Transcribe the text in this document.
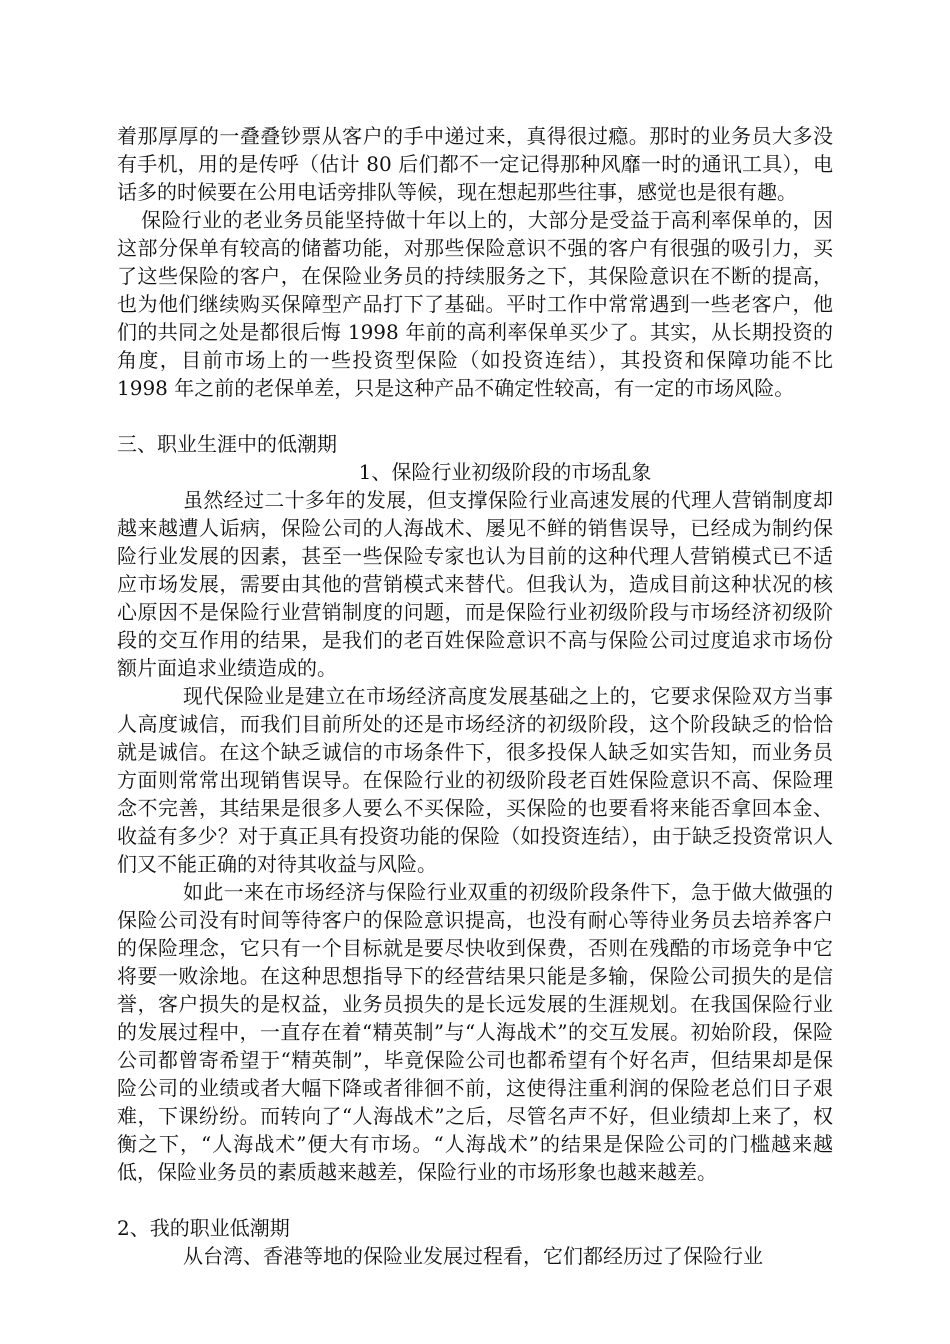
着那厚厚的一叠叠钞票从客户的手中递过来，真得很过瘾。那时的业务员大多没有手机，用的是传呼（估计 80 后们都不一定记得那种风靡一时的通讯工具），电话多的时候要在公用电话旁排队等候，现在想起那些往事，感觉也是很有趣。

保险行业的老业务员能坚持做十年以上的，大部分是受益于高利率保单的，因这部分保单有较高的储蓄功能，对那些保险意识不强的客户有很强的吸引力，买了这些保险的客户，在保险业务员的持续服务之下，其保险意识在不断的提高，也为他们继续购买保障型产品打下了基础。平时工作中常常遇到一些老客户，他们的共同之处是都很后悔 1998 年前的高利率保单买少了。其实，从长期投资的角度，目前市场上的一些投资型保险（如投资连结），其投资和保障功能不比 1998 年之前的老保单差，只是这种产品不确定性较高，有一定的市场风险。

三、职业生涯中的低潮期

1、保险行业初级阶段的市场乱象

虽然经过二十多年的发展，但支撑保险行业高速发展的代理人营销制度却越来越遭人诟病，保险公司的人海战术、屡见不鲜的销售误导，已经成为制约保险行业发展的因素，甚至一些保险专家也认为目前的这种代理人营销模式已不适应市场发展，需要由其他的营销模式来替代。但我认为，造成目前这种状况的核心原因不是保险行业营销制度的问题，而是保险行业初级阶段与市场经济初级阶段的交互作用的结果，是我们的老百姓保险意识不高与保险公司过度追求市场份额片面追求业绩造成的。

现代保险业是建立在市场经济高度发展基础之上的，它要求保险双方当事人高度诚信，而我们目前所处的还是市场经济的初级阶段，这个阶段缺乏的恰恰就是诚信。在这个缺乏诚信的市场条件下，很多投保人缺乏如实告知，而业务员方面则常常出现销售误导。在保险行业的初级阶段老百姓保险意识不高、保险理念不完善，其结果是很多人要么不买保险，买保险的也要看将来能否拿回本金、收益有多少？对于真正具有投资功能的保险（如投资连结），由于缺乏投资常识人们又不能正确的对待其收益与风险。

如此一来在市场经济与保险行业双重的初级阶段条件下，急于做大做强的保险公司没有时间等待客户的保险意识提高，也没有耐心等待业务员去培养客户的保险理念，它只有一个目标就是要尽快收到保费，否则在残酷的市场竞争中它将要一败涂地。在这种思想指导下的经营结果只能是多输，保险公司损失的是信誉，客户损失的是权益，业务员损失的是长远发展的生涯规划。在我国保险行业的发展过程中，一直存在着“精英制”与“人海战术”的交互发展。初始阶段，保险公司都曾寄希望于“精英制”，毕竟保险公司也都希望有个好名声，但结果却是保险公司的业绩或者大幅下降或者徘徊不前，这使得注重利润的保险老总们日子艰难，下课纷纷。而转向了“人海战术”之后，尽管名声不好，但业绩却上来了，权衡之下，“人海战术”便大有市场。“人海战术”的结果是保险公司的门槛越来越低，保险业务员的素质越来越差，保险行业的市场形象也越来越差。

2、我的职业低潮期

从台湾、香港等地的保险业发展过程看，它们都经历过了保险行业
